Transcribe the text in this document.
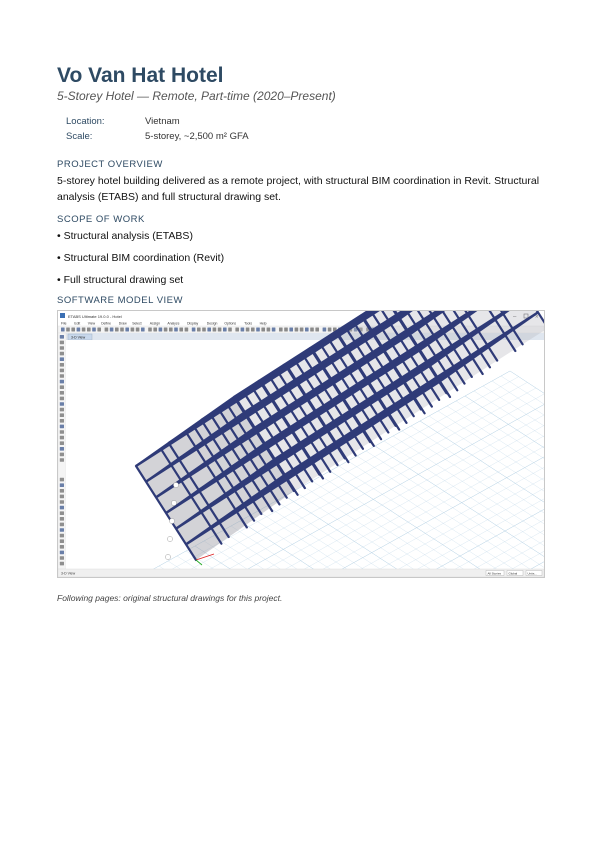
Vo Van Hat Hotel
5-Storey Hotel — Remote, Part-time (2020–Present)
Location:	Vietnam
Scale:	5-storey, ~2,500 m² GFA
PROJECT OVERVIEW

5-storey hotel building delivered as a remote project, with structural BIM coordination in Revit. Structural analysis (ETABS) and full structural drawing set.

SCOPE OF WORK
• Structural analysis (ETABS)
• Structural BIM coordination (Revit)
• Full structural drawing set
SOFTWARE MODEL VIEW
ETABS Ultimate 19.0.0 - Hotel	–	×
File Edit View Define Draw Select Assign Analyze Display	Design Options Tools Help
3-D View
3-D View	All Stories Global	Units...
Following pages: original structural drawings for this project.
